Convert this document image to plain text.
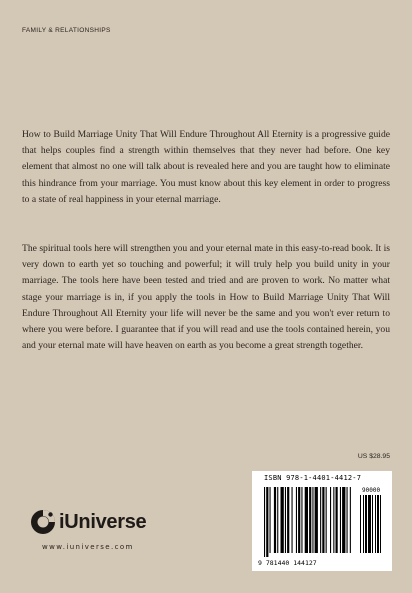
FAMILY & RELATIONSHIPS

How to Build Marriage Unity That Will Endure Throughout All Eternity is a progressive guide that helps couples find a strength within themselves that they never had before. One key element that almost no one will talk about is revealed here and you are taught how to eliminate this hindrance from your marriage. You must know about this key element in order to progress to a state of real happiness in your eternal marriage.

The spiritual tools here will strengthen you and your eternal mate in this easy-to-read book. It is very down to earth yet so touching and powerful; it will truly help you build unity in your marriage. The tools here have been tested and tried and are proven to work. No matter what stage your marriage is in, if you apply the tools in How to Build Marriage Unity That Will Endure Throughout All Eternity your life will never be the same and you won't ever return to where you were before. I guarantee that if you will read and use the tools contained herein, you and your eternal mate will have heaven on earth as you become a great strength together.

US $28.95
iUniverse
www.iuniverse.com
ISBN 978-1-4401-4412-7
90000
9 781440 144127
